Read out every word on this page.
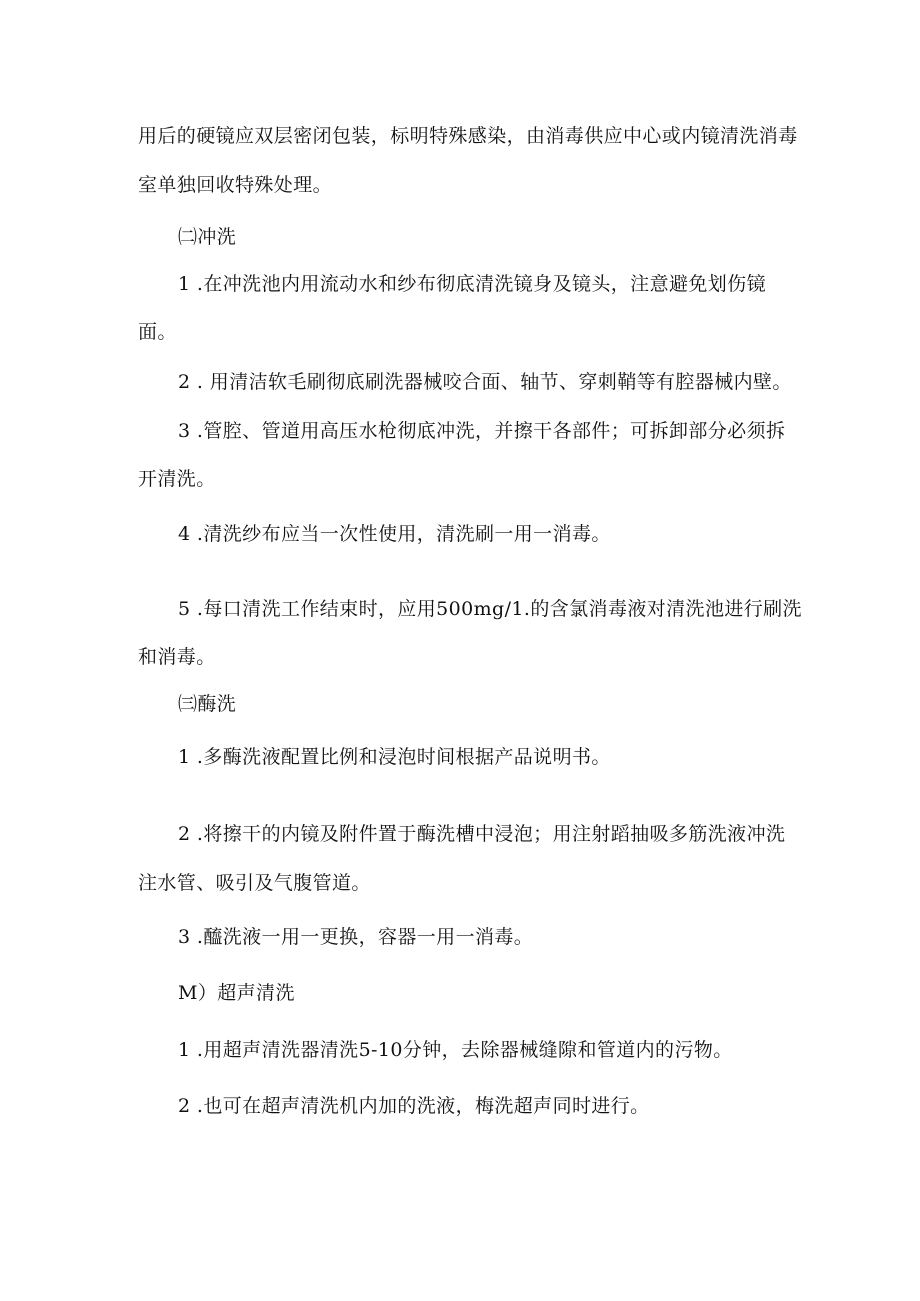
用后的硬镜应双层密闭包装，标明特殊感染，由消毒供应中心或内镜清洗消毒

室单独回收特殊处理。

㈡冲洗

1 .在冲洗池内用流动水和纱布彻底清洗镜身及镜头，注意避免划伤镜

面。

2 . 用清洁软毛刷彻底刷洗器械咬合面、轴节、穿刺鞘等有腔器械内壁。

3 .管腔、管道用高压水枪彻底冲洗，并擦干各部件；可拆卸部分必须拆

开清洗。

4 .清洗纱布应当一次性使用，清洗刷一用一消毒。

5 .每口清洗工作结束时，应用500mg/1.的含氯消毒液对清洗池进行刷洗

和消毒。

㈢酶洗

1 .多酶洗液配置比例和浸泡时间根据产品说明书。

2 .将擦干的内镜及附件置于酶洗槽中浸泡；用注射蹈抽吸多筋洗液冲洗

注水管、吸引及气腹管道。

3 .醯洗液一用一更换，容器一用一消毒。

M）超声清洗

1 .用超声清洗器清洗5-10分钟，去除器械缝隙和管道内的污物。

2 .也可在超声清洗机内加的洗液，梅洗超声同时进行。
